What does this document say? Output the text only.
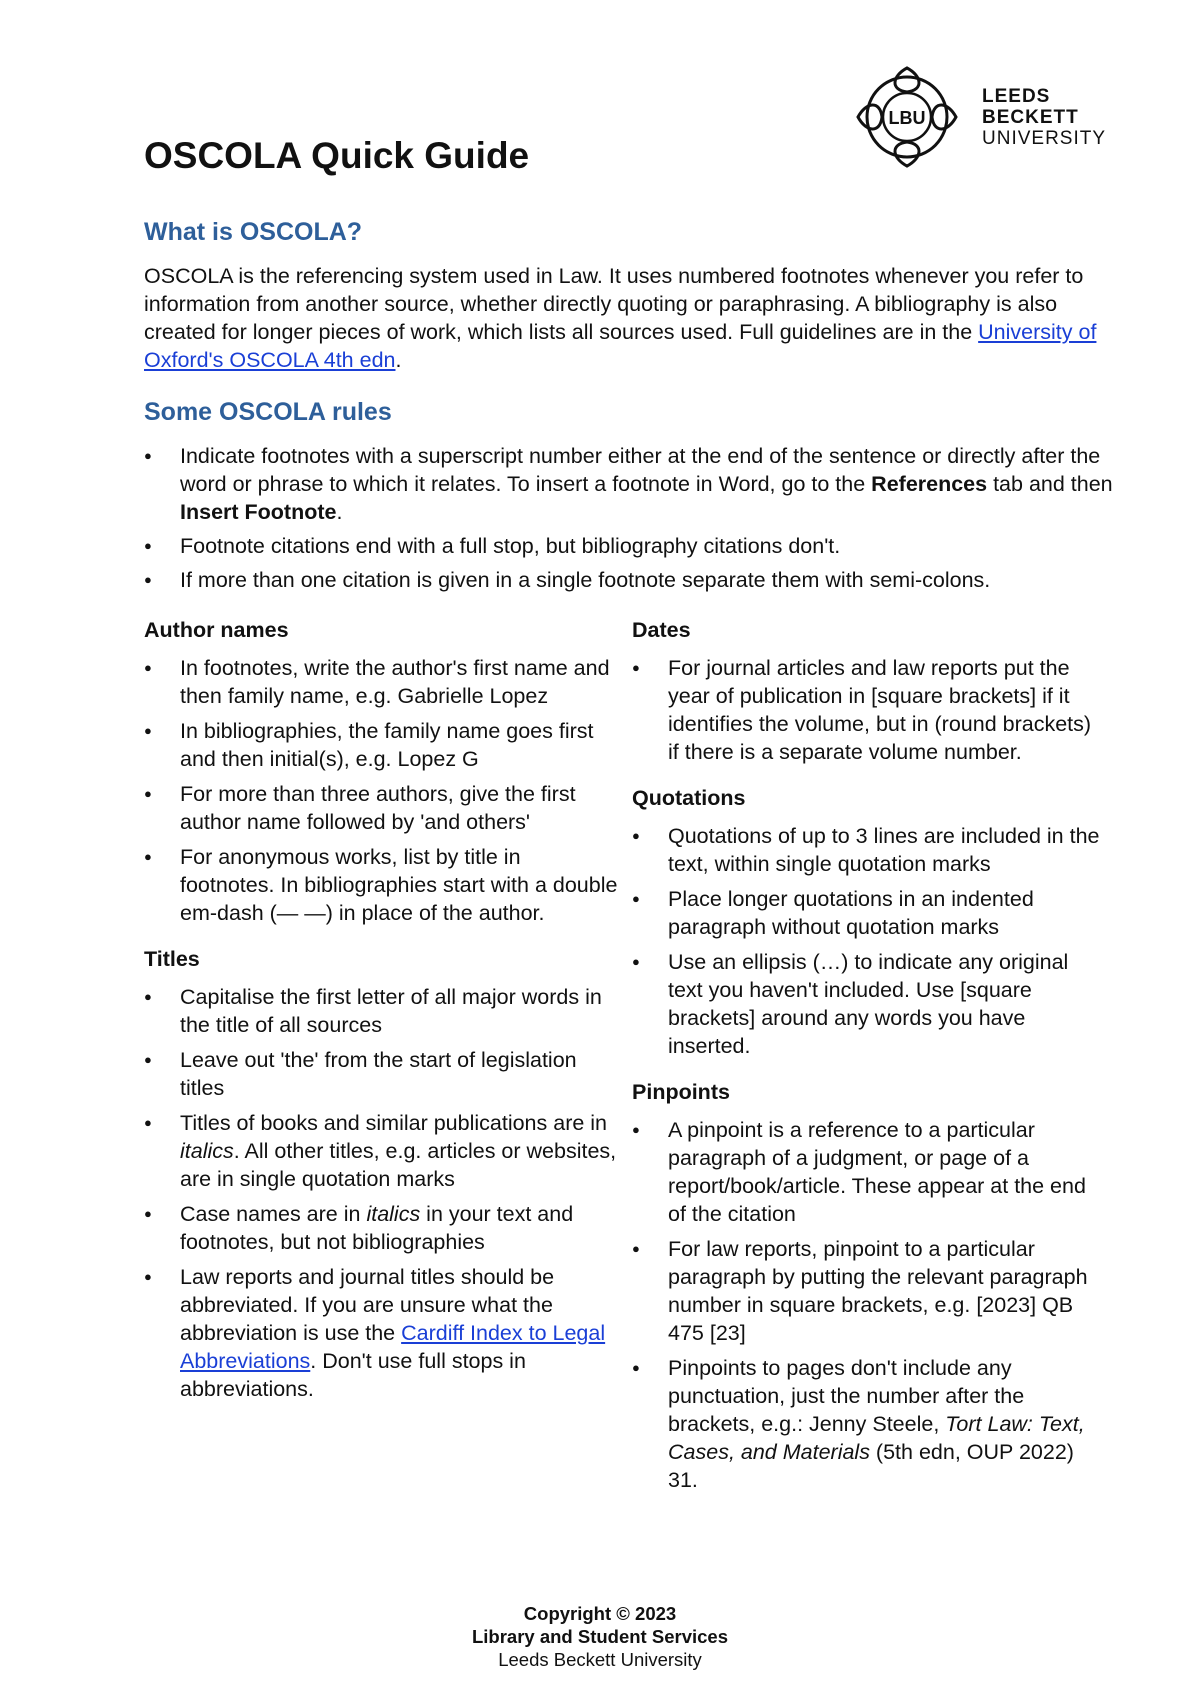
LBU
LEEDS
BECKETT
UNIVERSITY
OSCOLA Quick Guide
What is OSCOLA?

OSCOLA is the referencing system used in Law. It uses numbered footnotes whenever you refer to information from another source, whether directly quoting or paraphrasing. A bibliography is also created for longer pieces of work, which lists all sources used. Full guidelines are in the University of Oxford's OSCOLA 4th edn.

Some OSCOLA rules
● Indicate footnotes with a superscript number either at the end of the sentence or directly after the word or phrase to which it relates. To insert a footnote in Word, go to the References tab and then Insert Footnote.
● Footnote citations end with a full stop, but bibliography citations don't.
● If more than one citation is given in a single footnote separate them with semi-colons.
Author names
● In footnotes, write the author's first name and then family name, e.g. Gabrielle Lopez
● In bibliographies, the family name goes first and then initial(s), e.g. Lopez G
● For more than three authors, give the first author name followed by 'and others'
● For anonymous works, list by title in footnotes. In bibliographies start with a double em-dash (— —) in place of the author.
Titles
● Capitalise the first letter of all major words in the title of all sources
● Leave out 'the' from the start of legislation titles
● Titles of books and similar publications are in italics. All other titles, e.g. articles or websites, are in single quotation marks
● Case names are in italics in your text and footnotes, but not bibliographies
● Law reports and journal titles should be abbreviated. If you are unsure what the abbreviation is use the Cardiff Index to Legal Abbreviations. Don't use full stops in abbreviations.
Dates
● For journal articles and law reports put the year of publication in [square brackets] if it identifies the volume, but in (round brackets) if there is a separate volume number.
Quotations
● Quotations of up to 3 lines are included in the text, within single quotation marks
● Place longer quotations in an indented paragraph without quotation marks
● Use an ellipsis (…) to indicate any original text you haven't included. Use [square brackets] around any words you have inserted.
Pinpoints
● A pinpoint is a reference to a particular paragraph of a judgment, or page of a report/book/article. These appear at the end of the citation
● For law reports, pinpoint to a particular paragraph by putting the relevant paragraph number in square brackets, e.g. [2023] QB 475 [23]
● Pinpoints to pages don't include any punctuation, just the number after the brackets, e.g.: Jenny Steele, Tort Law: Text, Cases, and Materials (5th edn, OUP 2022) 31.
Copyright © 2023
Library and Student Services
Leeds Beckett University
